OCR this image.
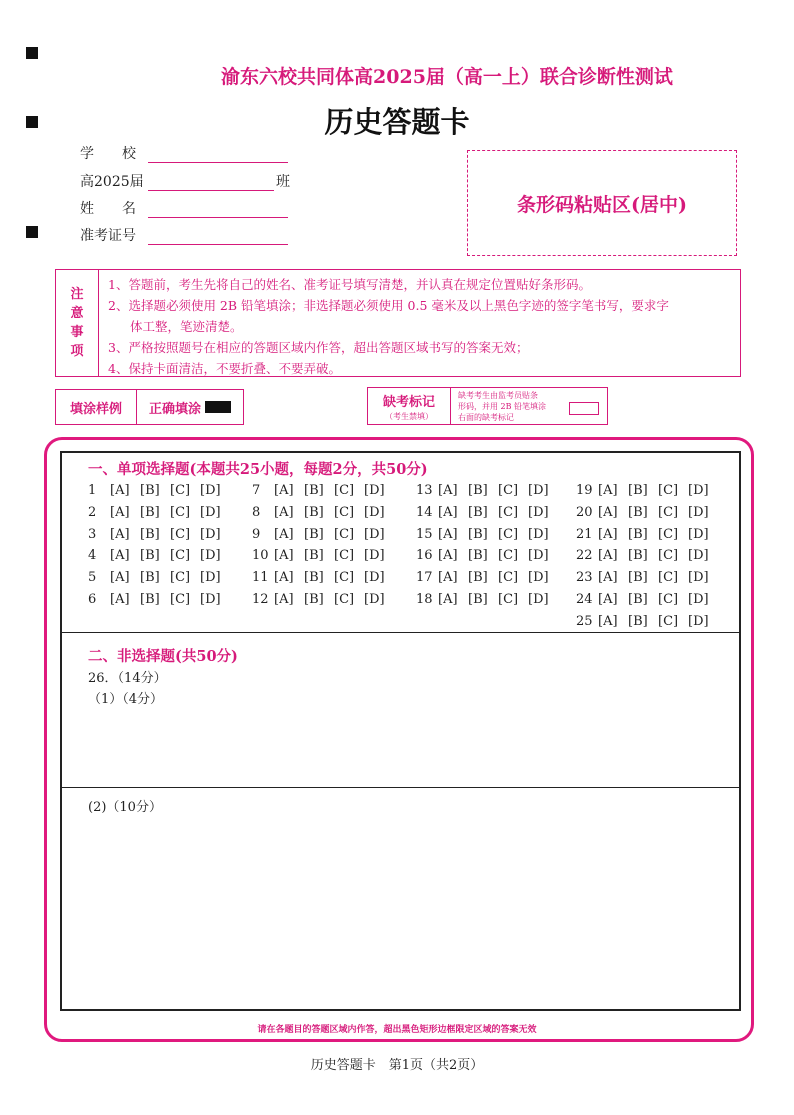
渝东六校共同体高2025届（高一上）联合诊断性测试
历史答题卡
学　　校
高2025届	班
姓　　名
准考证号
条形码粘贴区(居中)
注
意
事
项
1、答题前，考生先将自己的姓名、准考证号填写清楚，并认真在规定位置贴好条形码。
2、选择题必须使用 2B 铅笔填涂；非选择题必须使用 0.5 毫米及以上黑色字迹的签字笔书写，要求字
体工整，笔迹清楚。
3、严格按照题号在相应的答题区域内作答，超出答题区域书写的答案无效；
4、保持卡面清洁，不要折叠、不要弄破。
填涂样例	正确填涂	缺考标记
（考生禁填）
缺考考生由监考员贴条
形码，并用 2B 铅笔填涂
右面的缺考标记
一、单项选择题(本题共25小题，每题2分，共50分)
1 [A] [B] [C] [D]
2 [A] [B] [C] [D]
3 [A] [B] [C] [D]
4 [A] [B] [C] [D]
5 [A] [B] [C] [D]
6 [A] [B] [C] [D]
7 [A] [B] [C] [D]
8 [A] [B] [C] [D]
9 [A] [B] [C] [D]
10 [A] [B] [C] [D]
11 [A] [B] [C] [D]
12 [A] [B] [C] [D]
13 [A] [B] [C] [D]
14 [A] [B] [C] [D]
15 [A] [B] [C] [D]
16 [A] [B] [C] [D]
17 [A] [B] [C] [D]
18 [A] [B] [C] [D]
19 [A] [B] [C] [D]
20 [A] [B] [C] [D]
21 [A] [B] [C] [D]
22 [A] [B] [C] [D]
23 [A] [B] [C] [D]
24 [A] [B] [C] [D]
25 [A] [B] [C] [D]
二、非选择题(共50分)
26．（14分）
（1）（4分）
(2)（10分）
请在各题目的答题区域内作答，超出黑色矩形边框限定区域的答案无效
历史答题卡　第1页（共2页）
